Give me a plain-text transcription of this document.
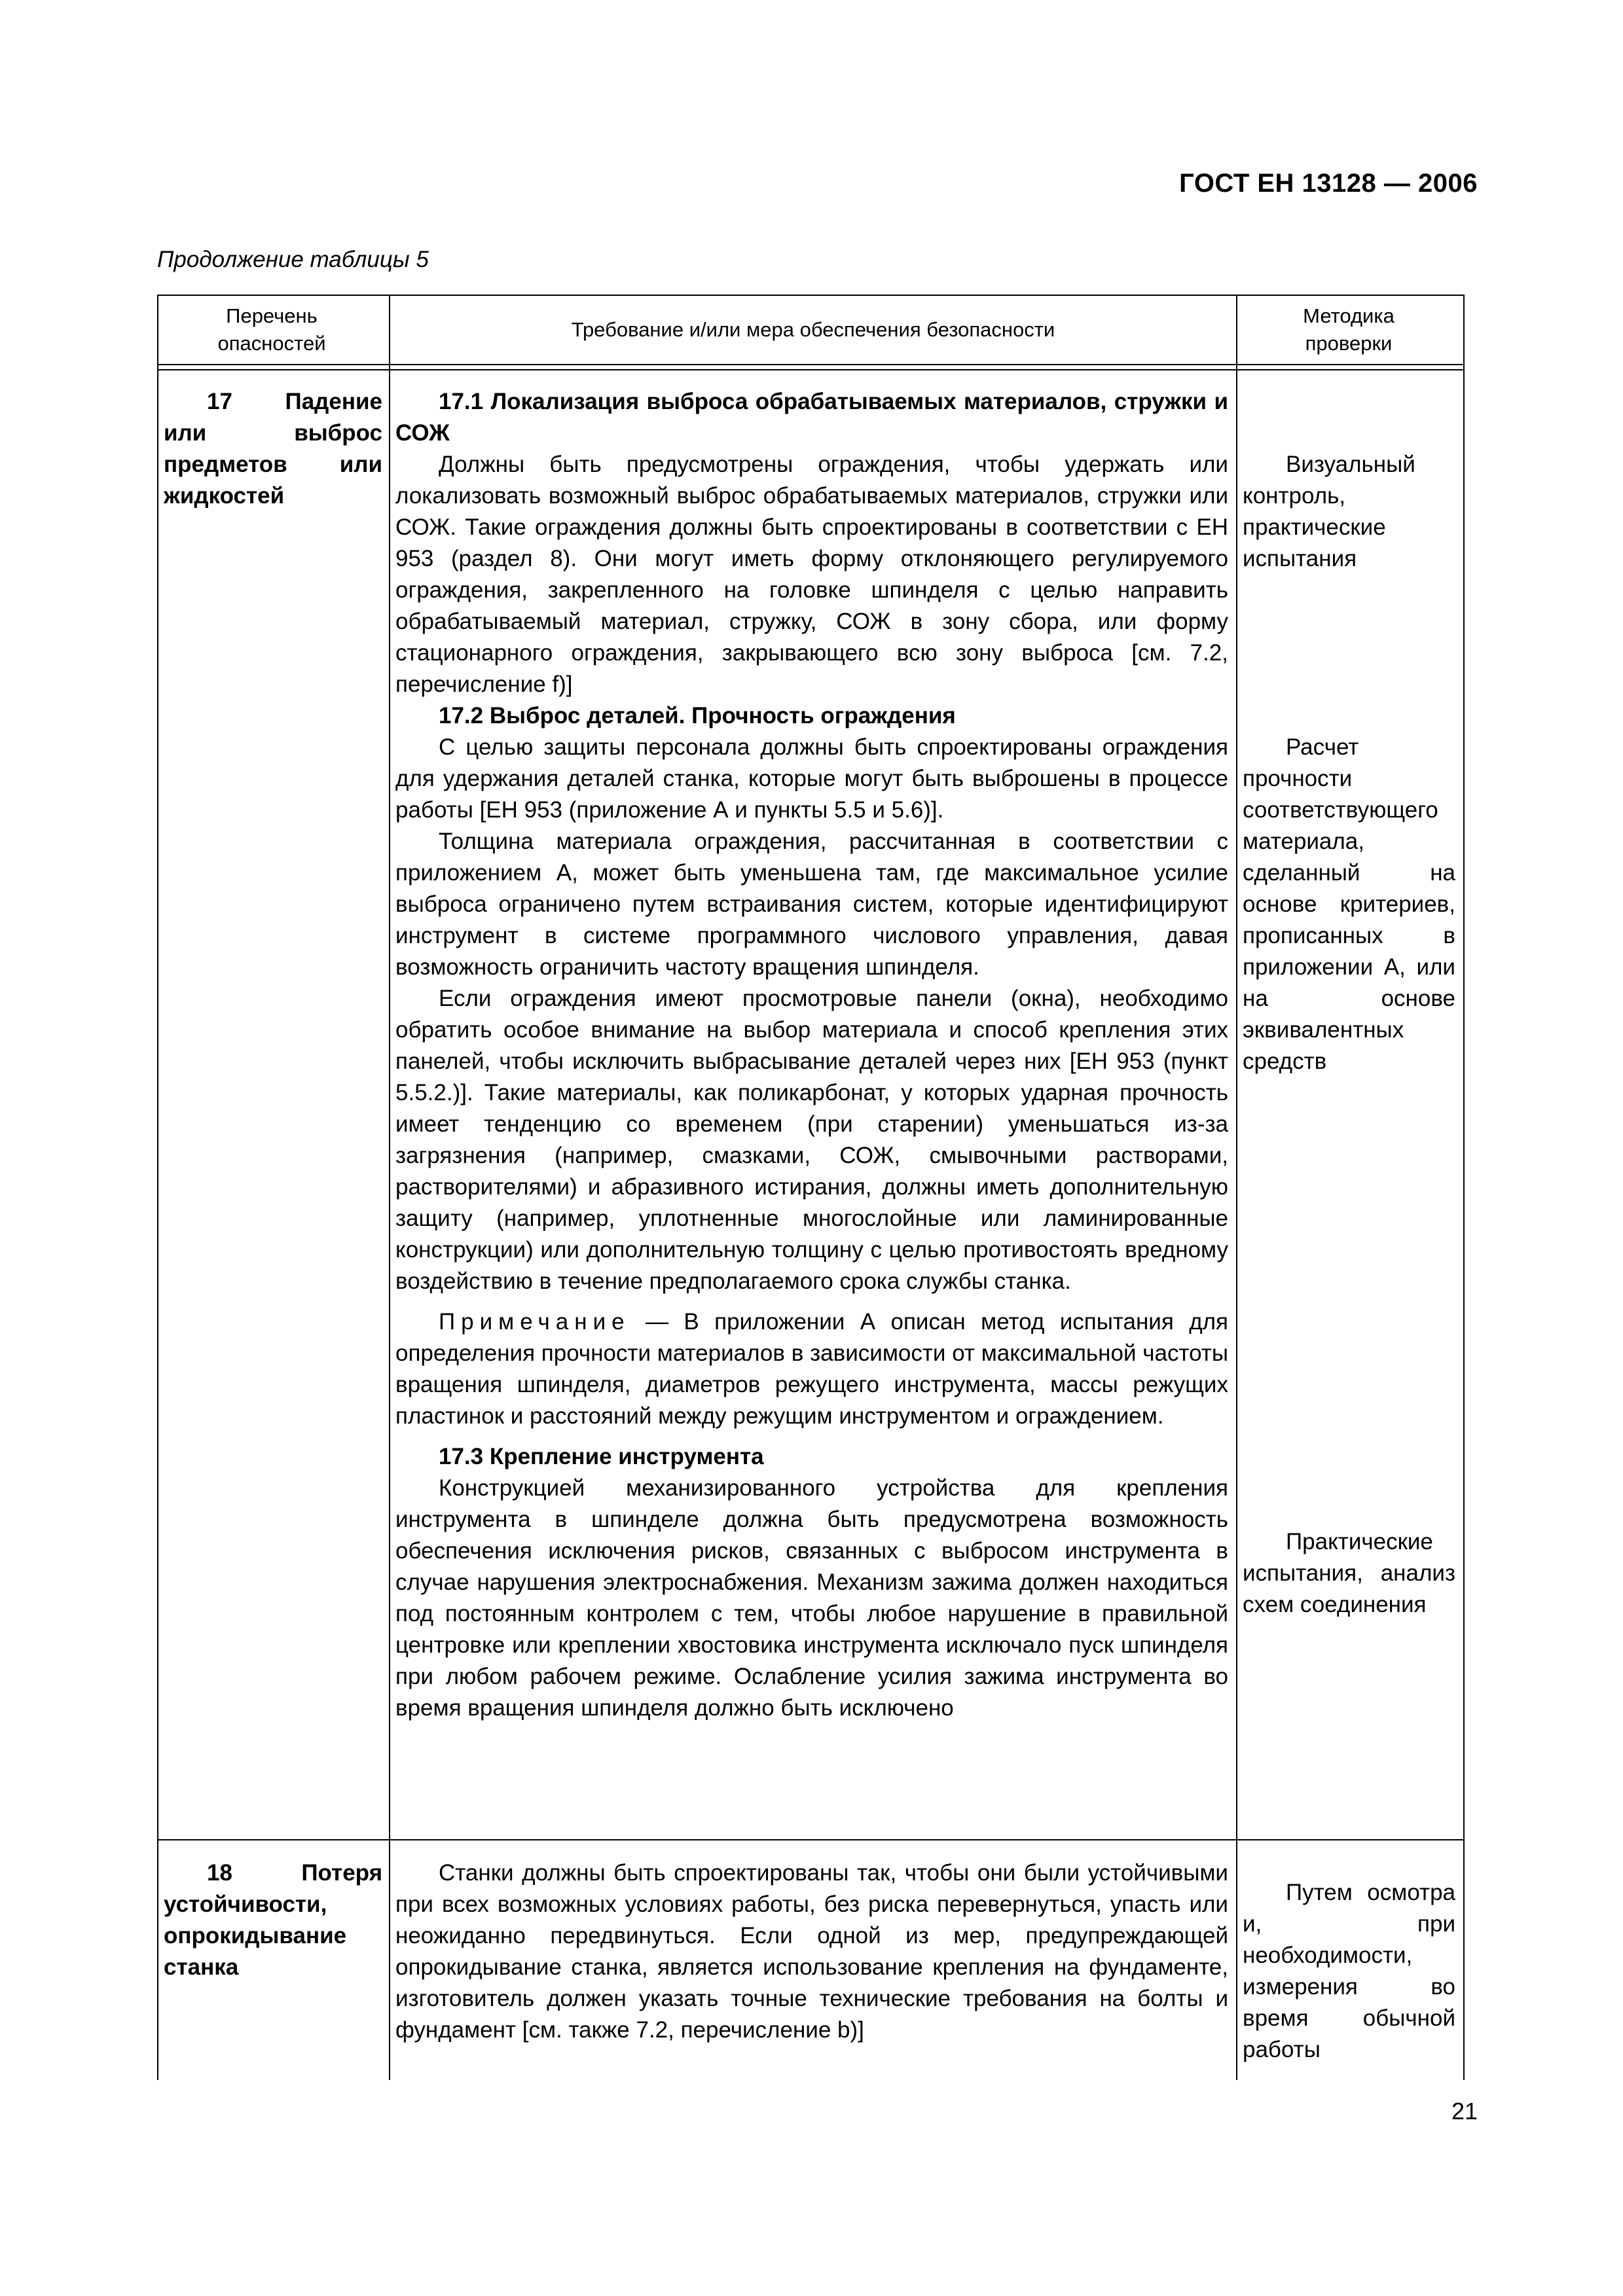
ГОСТ ЕН 13128 — 2006
Продолжение таблицы 5
Перечень опасностей
Требование и/или мера обеспечения безопасности
Методика проверки

17 Падение или выброс предметов или жидкостей

17.1 Локализация выброса обрабатываемых материалов, стружки и СОЖ

Должны быть предусмотрены ограждения, чтобы удержать или локализовать возможный выброс обрабатываемых материалов, стружки или СОЖ. Такие ограждения должны быть спроектированы в соответствии с ЕН 953 (раздел 8). Они могут иметь форму отклоняющего регулируемого ограждения, закрепленного на головке шпинделя с целью направить обрабатываемый материал, стружку, СОЖ в зону сбора, или форму стационарного ограждения, закрывающего всю зону выброса [см. 7.2, перечисление f)]

17.2 Выброс деталей. Прочность ограждения

С целью защиты персонала должны быть спроектированы ограждения для удержания деталей станка, которые могут быть выброшены в процессе работы [ЕН 953 (приложение А и пункты 5.5 и 5.6)].

Толщина материала ограждения, рассчитанная в соответствии с приложением А, может быть уменьшена там, где максимальное усилие выброса ограничено путем встраивания систем, которые идентифицируют инструмент в системе программного числового управления, давая возможность ограничить частоту вращения шпинделя.

Если ограждения имеют просмотровые панели (окна), необходимо обратить особое внимание на выбор материала и способ крепления этих панелей, чтобы исключить выбрасывание деталей через них [ЕН 953 (пункт 5.5.2.)]. Такие материалы, как поликарбонат, у которых ударная прочность имеет тенденцию со временем (при старении) уменьшаться из-за загрязнения (например, смазками, СОЖ, смывочными растворами, растворителями) и абразивного истирания, должны иметь дополнительную защиту (например, уплотненные многослойные или ламинированные конструкции) или дополнительную толщину с целью противостоять вредному воздействию в течение предполагаемого срока службы станка.

Примечание — В приложении А описан метод испытания для определения прочности материалов в зависимости от максимальной частоты вращения шпинделя, диаметров режущего инструмента, массы режущих пластинок и расстояний между режущим инструментом и ограждением.

17.3 Крепление инструмента

Конструкцией механизированного устройства для крепления инструмента в шпинделе должна быть предусмотрена возможность обеспечения исключения рисков, связанных с выбросом инструмента в случае нарушения электроснабжения. Механизм зажима должен находиться под постоянным контролем с тем, чтобы любое нарушение в правильной центровке или креплении хвостовика инструмента исключало пуск шпинделя при любом рабочем режиме. Ослабление усилия зажима инструмента во время вращения шпинделя должно быть исключено

Визуальный контроль, практические испытания

Расчет прочности соответствующего материала, сделанный на основе критериев, прописанных в приложении А, или на основе эквивалентных средств

Практические испытания, анализ схем соединения

18 Потеря устойчивости, опрокидывание станка

Станки должны быть спроектированы так, чтобы они были устойчивыми при всех возможных условиях работы, без риска перевернуться, упасть или неожиданно передвинуться. Если одной из мер, предупреждающей опрокидывание станка, является использование крепления на фундаменте, изготовитель должен указать точные технические требования на болты и фундамент [см. также 7.2, перечисление b)]

Путем осмотра и, при необходимости, измерения во время обычной работы

21
